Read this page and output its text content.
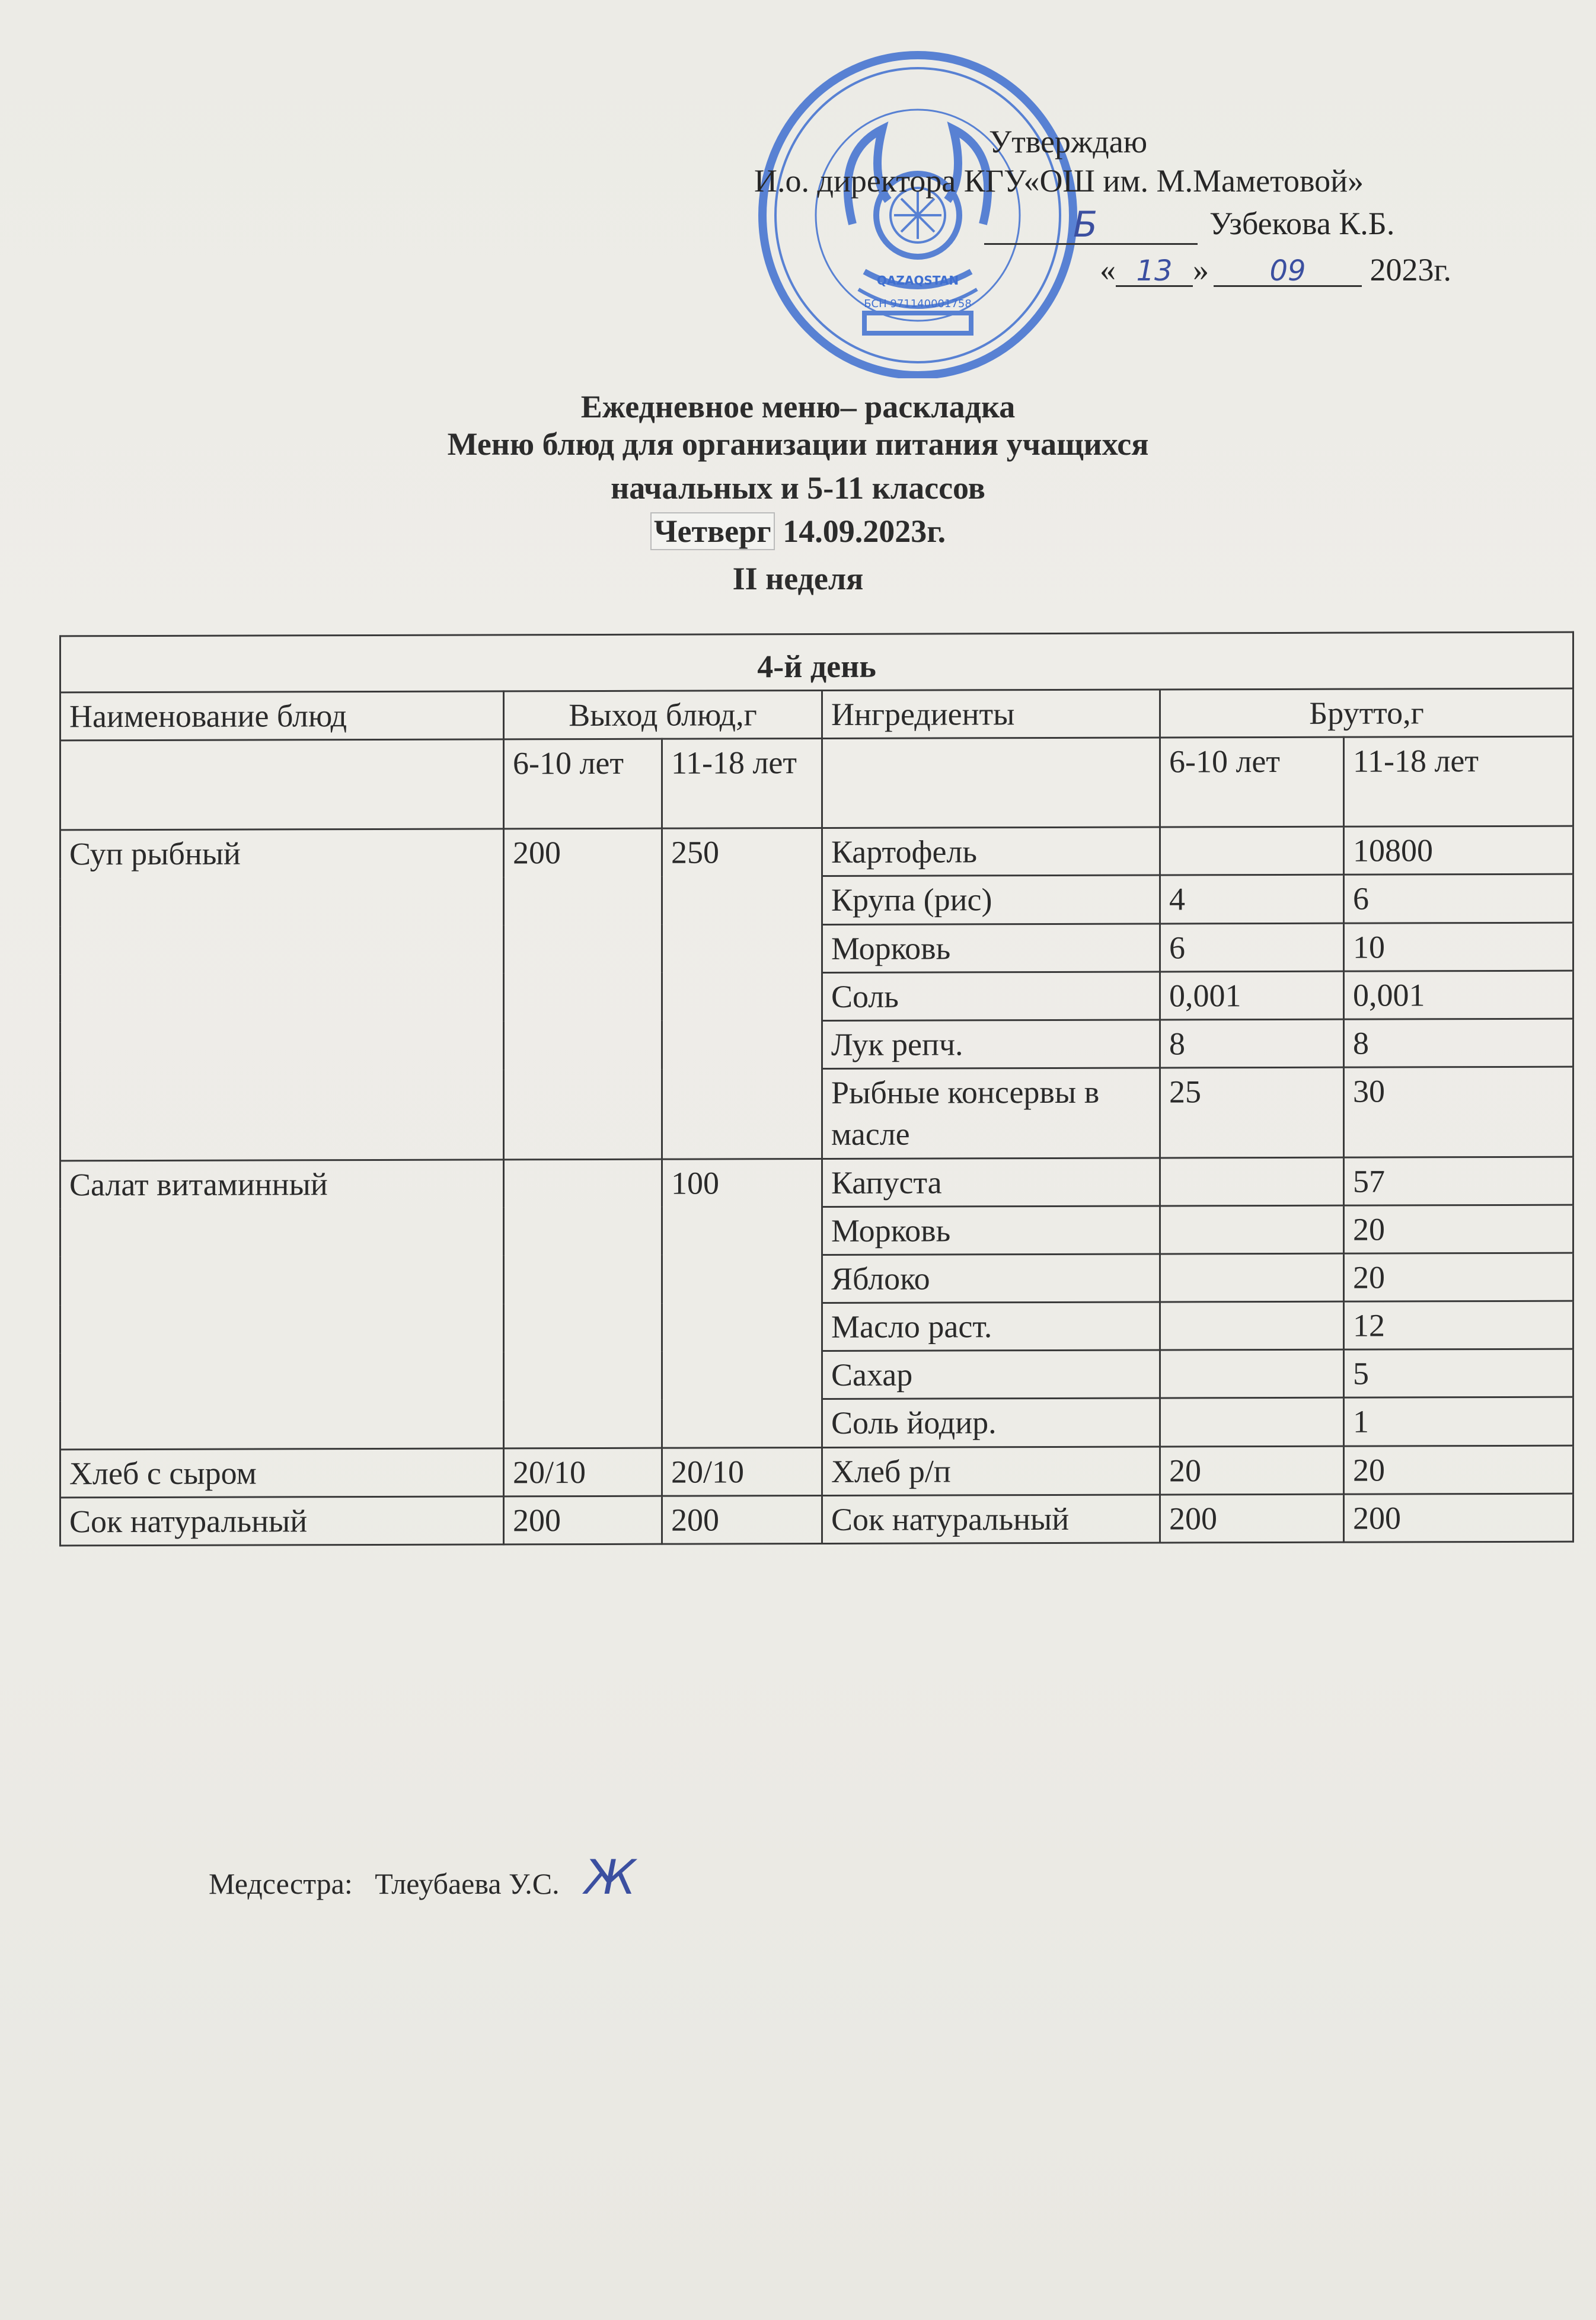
QAZAQSTAN
БСН 971140001758
Утверждаю
И.о. директора КГУ«ОШ им. М.Маметовой»
Б	Узбекова К.Б.
« 13 » 09 2023г.
Ежедневное меню– раскладка
Меню блюд для организации питания учащихся
начальных и 5-11 классов
Четверг 14.09.2023г.
II неделя
4-й день					
Наименование блюд	Выход блюд,г		Ингредиенты	Брутто,г	
	6-10 лет	11-18 лет		6-10 лет	11-18 лет
Суп рыбный	200	250	Картофель		10800
			Крупа (рис)	4	6
			Морковь	6	10
			Соль	0,001	0,001
			Лук репч.	8	8
			Рыбные консервы в масле	25	30
Салат витаминный		100	Капуста		57
			Морковь		20
			Яблоко		20
			Масло раст.		12
			Сахар		5
			Соль йодир.		1
Хлеб с сыром	20/10	20/10	Хлеб р/п	20	20
Сок натуральный	200	200	Сок натуральный	200	200
Медсестра: Тлеубаева У.С. Ж
